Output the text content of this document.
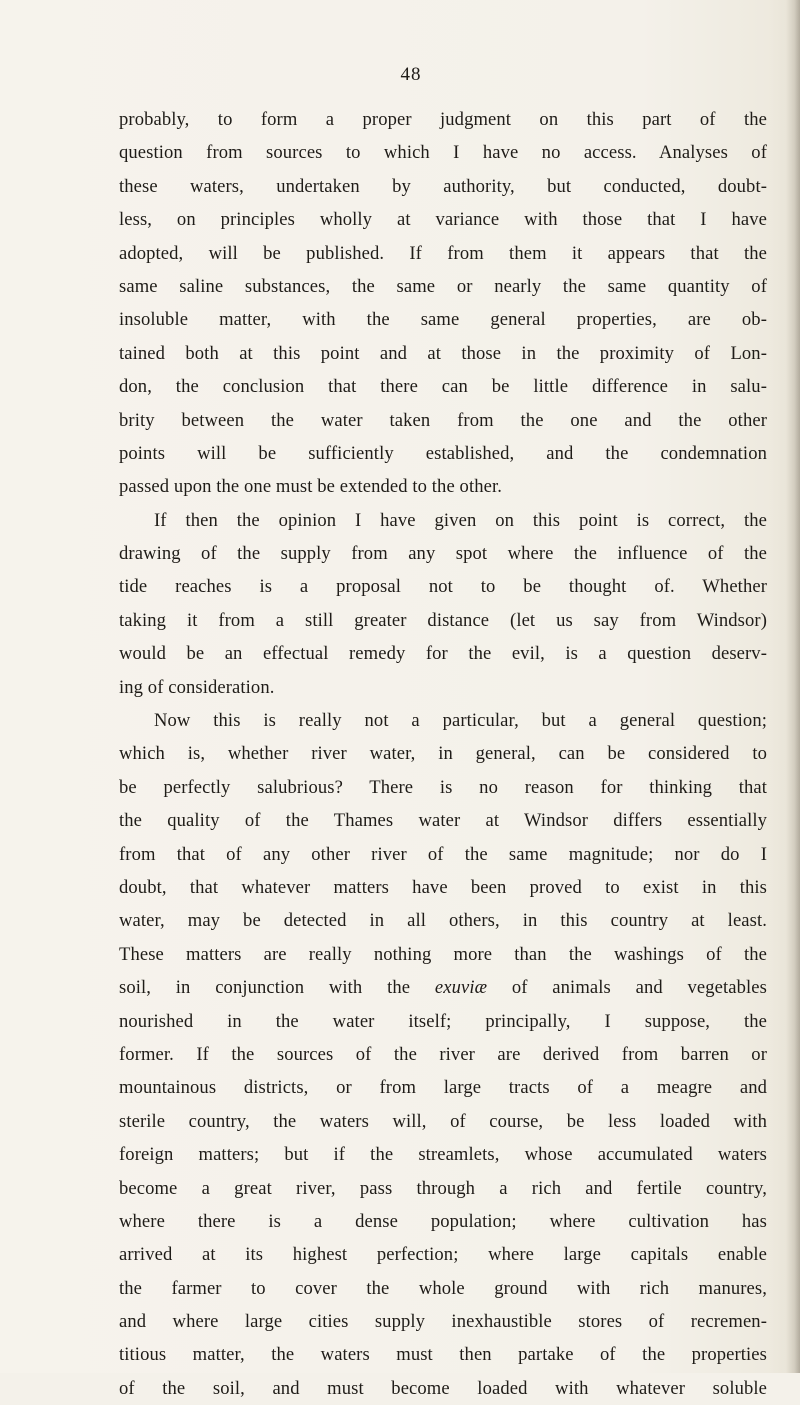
48
probably, to form a proper judgment on this part of the
question from sources to which I have no access. Analyses of
these waters, undertaken by authority, but conducted, doubt-
less, on principles wholly at variance with those that I have
adopted, will be published. If from them it appears that the
same saline substances, the same or nearly the same quantity of
insoluble matter, with the same general properties, are ob-
tained both at this point and at those in the proximity of Lon-
don, the conclusion that there can be little difference in salu-
brity between the water taken from the one and the other
points will be sufficiently established, and the condemnation
passed upon the one must be extended to the other.
If then the opinion I have given on this point is correct, the
drawing of the supply from any spot where the influence of the
tide reaches is a proposal not to be thought of. Whether
taking it from a still greater distance (let us say from Windsor)
would be an effectual remedy for the evil, is a question deserv-
ing of consideration.
Now this is really not a particular, but a general question;
which is, whether river water, in general, can be considered to
be perfectly salubrious? There is no reason for thinking that
the quality of the Thames water at Windsor differs essentially
from that of any other river of the same magnitude; nor do I
doubt, that whatever matters have been proved to exist in this
water, may be detected in all others, in this country at least.
These matters are really nothing more than the washings of the
soil, in conjunction with the exuviæ of animals and vegetables
nourished in the water itself; principally, I suppose, the
former. If the sources of the river are derived from barren or
mountainous districts, or from large tracts of a meagre and
sterile country, the waters will, of course, be less loaded with
foreign matters; but if the streamlets, whose accumulated waters
become a great river, pass through a rich and fertile country,
where there is a dense population; where cultivation has
arrived at its highest perfection; where large capitals enable
the farmer to cover the whole ground with rich manures,
and where large cities supply inexhaustible stores of recremen-
titious matter, the waters must then partake of the properties
of the soil, and must become loaded with whatever soluble
